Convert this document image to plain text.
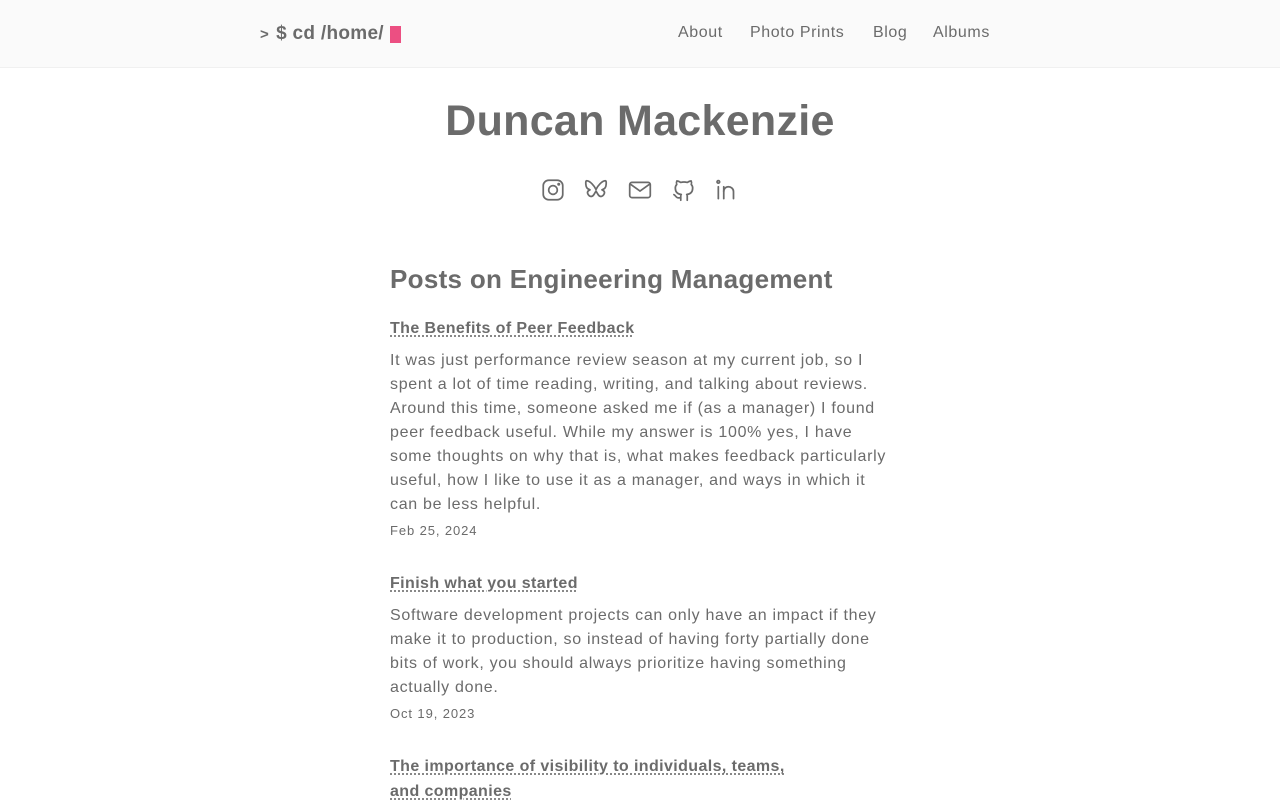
> $ cd /home/	About Photo Prints Blog Albums
Duncan Mackenzie
Posts on Engineering Management
The Benefits of Peer Feedback

It was just performance review season at my current job, so I spent a lot of time reading, writing, and talking about reviews. Around this time, someone asked me if (as a manager) I found peer feedback useful. While my answer is 100% yes, I have some thoughts on why that is, what makes feedback particularly useful, how I like to use it as a manager, and ways in which it can be less helpful.

Feb 25, 2024

Finish what you started

Software development projects can only have an impact if they make it to production, so instead of having forty partially done bits of work, you should always prioritize having something actually done.

Oct 19, 2023

The importance of visibility to individuals, teams, and companies
